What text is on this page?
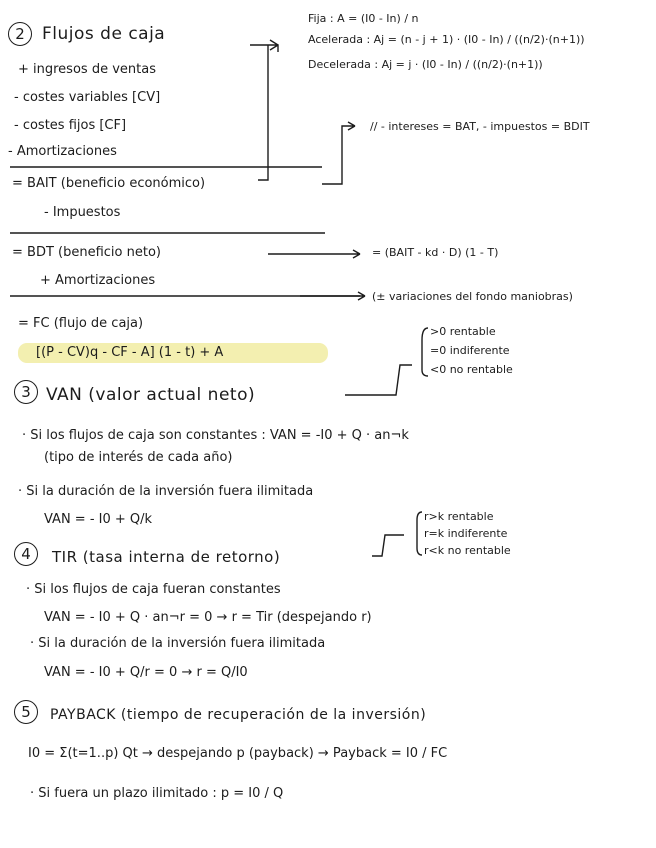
2	Flujos de caja
+ ingresos de ventas
- costes variables [CV]
- costes fijos [CF]
- Amortizaciones
Fija : A = (I0 - In) / n
Acelerada : Aj = (n - j + 1) · (I0 - In) / ((n/2)·(n+1))
Decelerada : Aj = j · (I0 - In) / ((n/2)·(n+1))
= BAIT (beneficio económico)
// - intereses = BAT, - impuestos = BDIT
- Impuestos
= BDT (beneficio neto)	= (BAIT - kd · D) (1 - T)
+ Amortizaciones
(± variaciones del fondo maniobras)
= FC (flujo de caja)
[(P - CV)q - CF - A] (1 - t) + A
3 VAN (valor actual neto)
>0 rentable
=0 indiferente
<0 no rentable
· Si los flujos de caja son constantes : VAN = -I0 + Q · an¬k
(tipo de interés de cada año)
· Si la duración de la inversión fuera ilimitada
VAN = - I0 + Q/k
4	TIR (tasa interna de retorno)
r>k rentable
r=k indiferente
r<k no rentable
· Si los flujos de caja fueran constantes
VAN = - I0 + Q · an¬r = 0 → r = Tir (despejando r)
· Si la duración de la inversión fuera ilimitada
VAN = - I0 + Q/r = 0 → r = Q/I0
5	PAYBACK (tiempo de recuperación de la inversión)
I0 = Σ(t=1..p) Qt → despejando p (payback) → Payback = I0 / FC
· Si fuera un plazo ilimitado : p = I0 / Q
